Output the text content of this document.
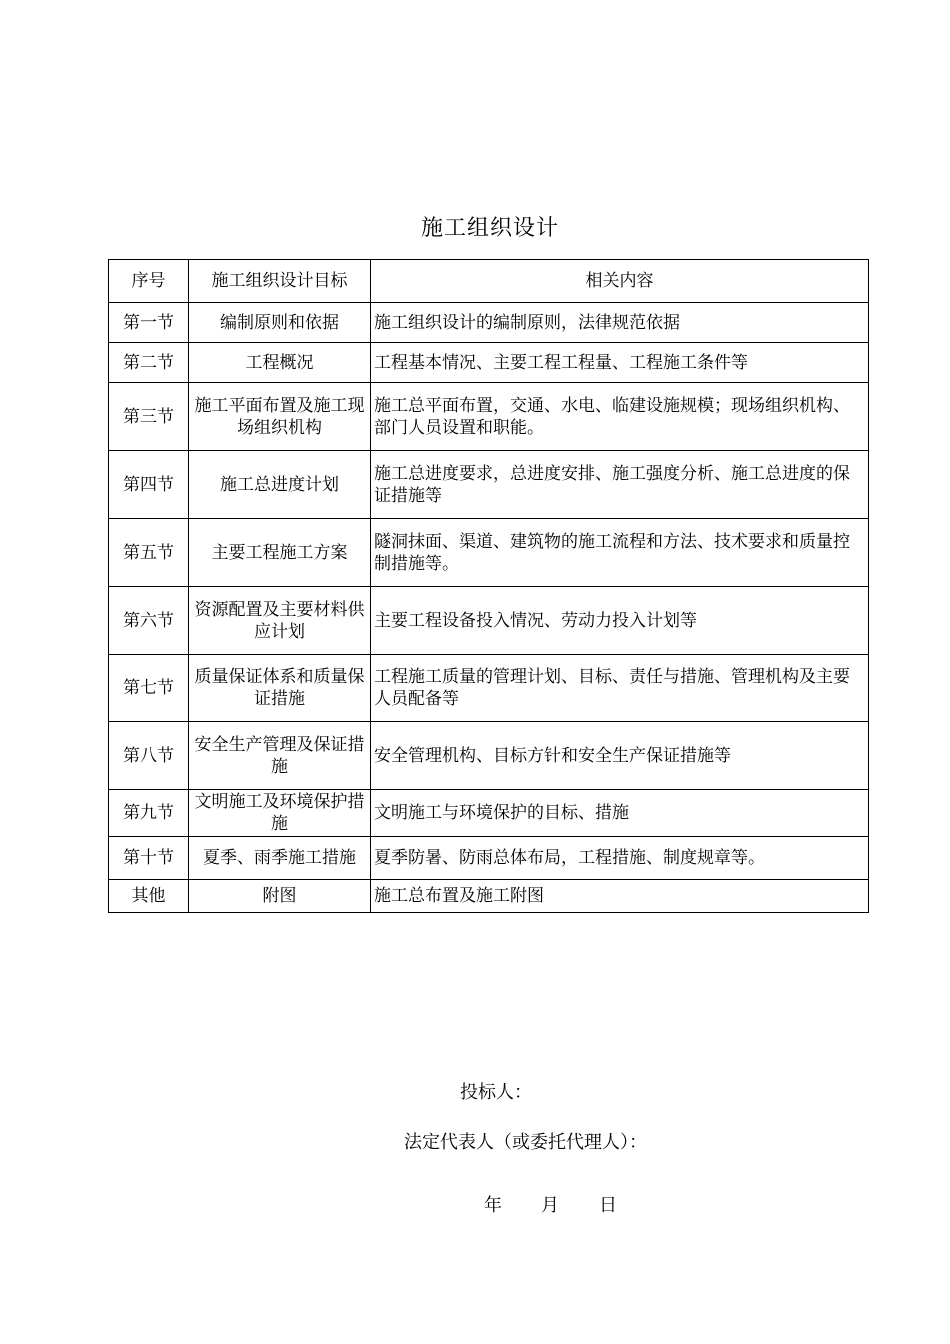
施工组织设计
序号	施工组织设计目标	相关内容
第一节	编制原则和依据	施工组织设计的编制原则，法律规范依据
第二节	工程概况	工程基本情况、主要工程工程量、工程施工条件等
第三节	施工平面布置及施工现场组织机构	施工总平面布置，交通、水电、临建设施规模；现场组织机构、部门人员设置和职能。
第四节	施工总进度计划	施工总进度要求，总进度安排、施工强度分析、施工总进度的保证措施等
第五节	主要工程施工方案	隧洞抹面、渠道、建筑物的施工流程和方法、技术要求和质量控制措施等。
第六节	资源配置及主要材料供应计划	主要工程设备投入情况、劳动力投入计划等
第七节	质量保证体系和质量保证措施	工程施工质量的管理计划、目标、责任与措施、管理机构及主要人员配备等
第八节	安全生产管理及保证措施	安全管理机构、目标方针和安全生产保证措施等
第九节	文明施工及环境保护措施	文明施工与环境保护的目标、措施
第十节	夏季、雨季施工措施	夏季防暑、防雨总体布局，工程措施、制度规章等。
其他	附图	施工总布置及施工附图
投标人：
法定代表人（或委托代理人）：
年 月 日
